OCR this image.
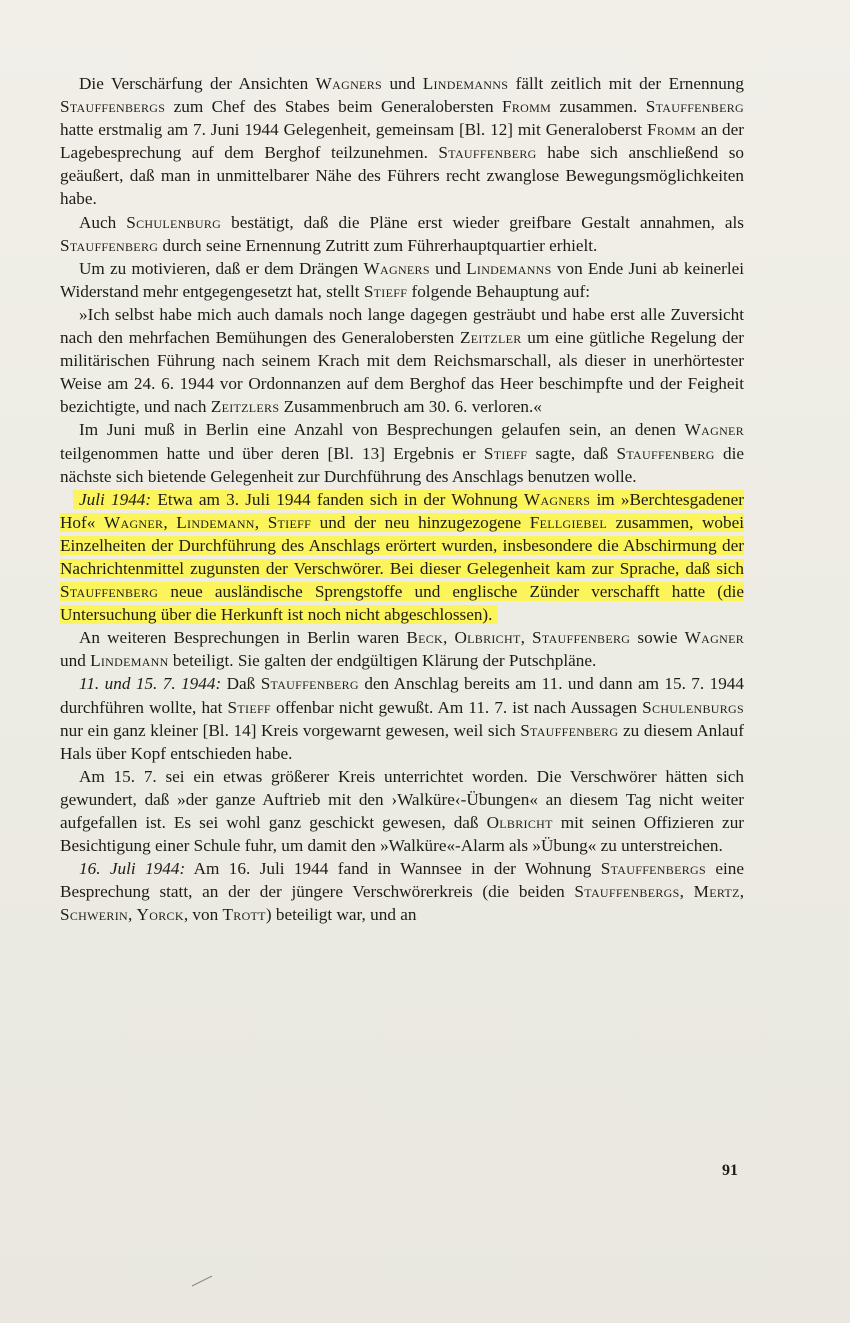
Die Verschärfung der Ansichten Wagners und Lindemanns fällt zeitlich mit der Ernennung Stauffenbergs zum Chef des Stabes beim Generalobersten Fromm zusammen. Stauffenberg hatte erstmalig am 7. Juni 1944 Gelegenheit, gemeinsam [Bl. 12] mit Generaloberst Fromm an der Lagebesprechung auf dem Berghof teilzunehmen. Stauffenberg habe sich anschließend so geäußert, daß man in unmittelbarer Nähe des Führers recht zwanglose Bewegungsmöglichkeiten habe.

Auch Schulenburg bestätigt, daß die Pläne erst wieder greifbare Gestalt annahmen, als Stauffenberg durch seine Ernennung Zutritt zum Führerhauptquartier erhielt.

Um zu motivieren, daß er dem Drängen Wagners und Lindemanns von Ende Juni ab keinerlei Widerstand mehr entgegengesetzt hat, stellt Stieff folgende Behauptung auf:

»Ich selbst habe mich auch damals noch lange dagegen gesträubt und habe erst alle Zuversicht nach den mehrfachen Bemühungen des Generalobersten Zeitzler um eine gütliche Regelung der militärischen Führung nach seinem Krach mit dem Reichsmarschall, als dieser in unerhörtester Weise am 24. 6. 1944 vor Ordonnanzen auf dem Berghof das Heer beschimpfte und der Feigheit bezichtigte, und nach Zeitzlers Zusammenbruch am 30. 6. verloren.«

Im Juni muß in Berlin eine Anzahl von Besprechungen gelaufen sein, an denen Wagner teilgenommen hatte und über deren [Bl. 13] Ergebnis er Stieff sagte, daß Stauffenberg die nächste sich bietende Gelegenheit zur Durchführung des Anschlags benutzen wolle.

Juli 1944: Etwa am 3. Juli 1944 fanden sich in der Wohnung Wagners im »Berchtesgadener Hof« Wagner, Lindemann, Stieff und der neu hinzugezogene Fellgiebel zusammen, wobei Einzelheiten der Durchführung des Anschlags erörtert wurden, insbesondere die Abschirmung der Nachrichtenmittel zugunsten der Verschwörer. Bei dieser Gelegenheit kam zur Sprache, daß sich Stauffenberg neue ausländische Sprengstoffe und englische Zünder verschafft hatte (die Untersuchung über die Herkunft ist noch nicht abgeschlossen).

An weiteren Besprechungen in Berlin waren Beck, Olbricht, Stauffenberg sowie Wagner und Lindemann beteiligt. Sie galten der endgültigen Klärung der Putschpläne.

11. und 15. 7. 1944: Daß Stauffenberg den Anschlag bereits am 11. und dann am 15. 7. 1944 durchführen wollte, hat Stieff offenbar nicht gewußt. Am 11. 7. ist nach Aussagen Schulenburgs nur ein ganz kleiner [Bl. 14] Kreis vorgewarnt gewesen, weil sich Stauffenberg zu diesem Anlauf Hals über Kopf entschieden habe.

Am 15. 7. sei ein etwas größerer Kreis unterrichtet worden. Die Verschwörer hätten sich gewundert, daß »der ganze Auftrieb mit den ›Walküre‹-Übungen« an diesem Tag nicht weiter aufgefallen ist. Es sei wohl ganz geschickt gewesen, daß Olbricht mit seinen Offizieren zur Besichtigung einer Schule fuhr, um damit den »Walküre«-Alarm als »Übung« zu unterstreichen.

16. Juli 1944: Am 16. Juli 1944 fand in Wannsee in der Wohnung Stauffenbergs eine Besprechung statt, an der der jüngere Verschwörerkreis (die beiden Stauffenbergs, Mertz, Schwerin, Yorck, von Trott) beteiligt war, und an

91
